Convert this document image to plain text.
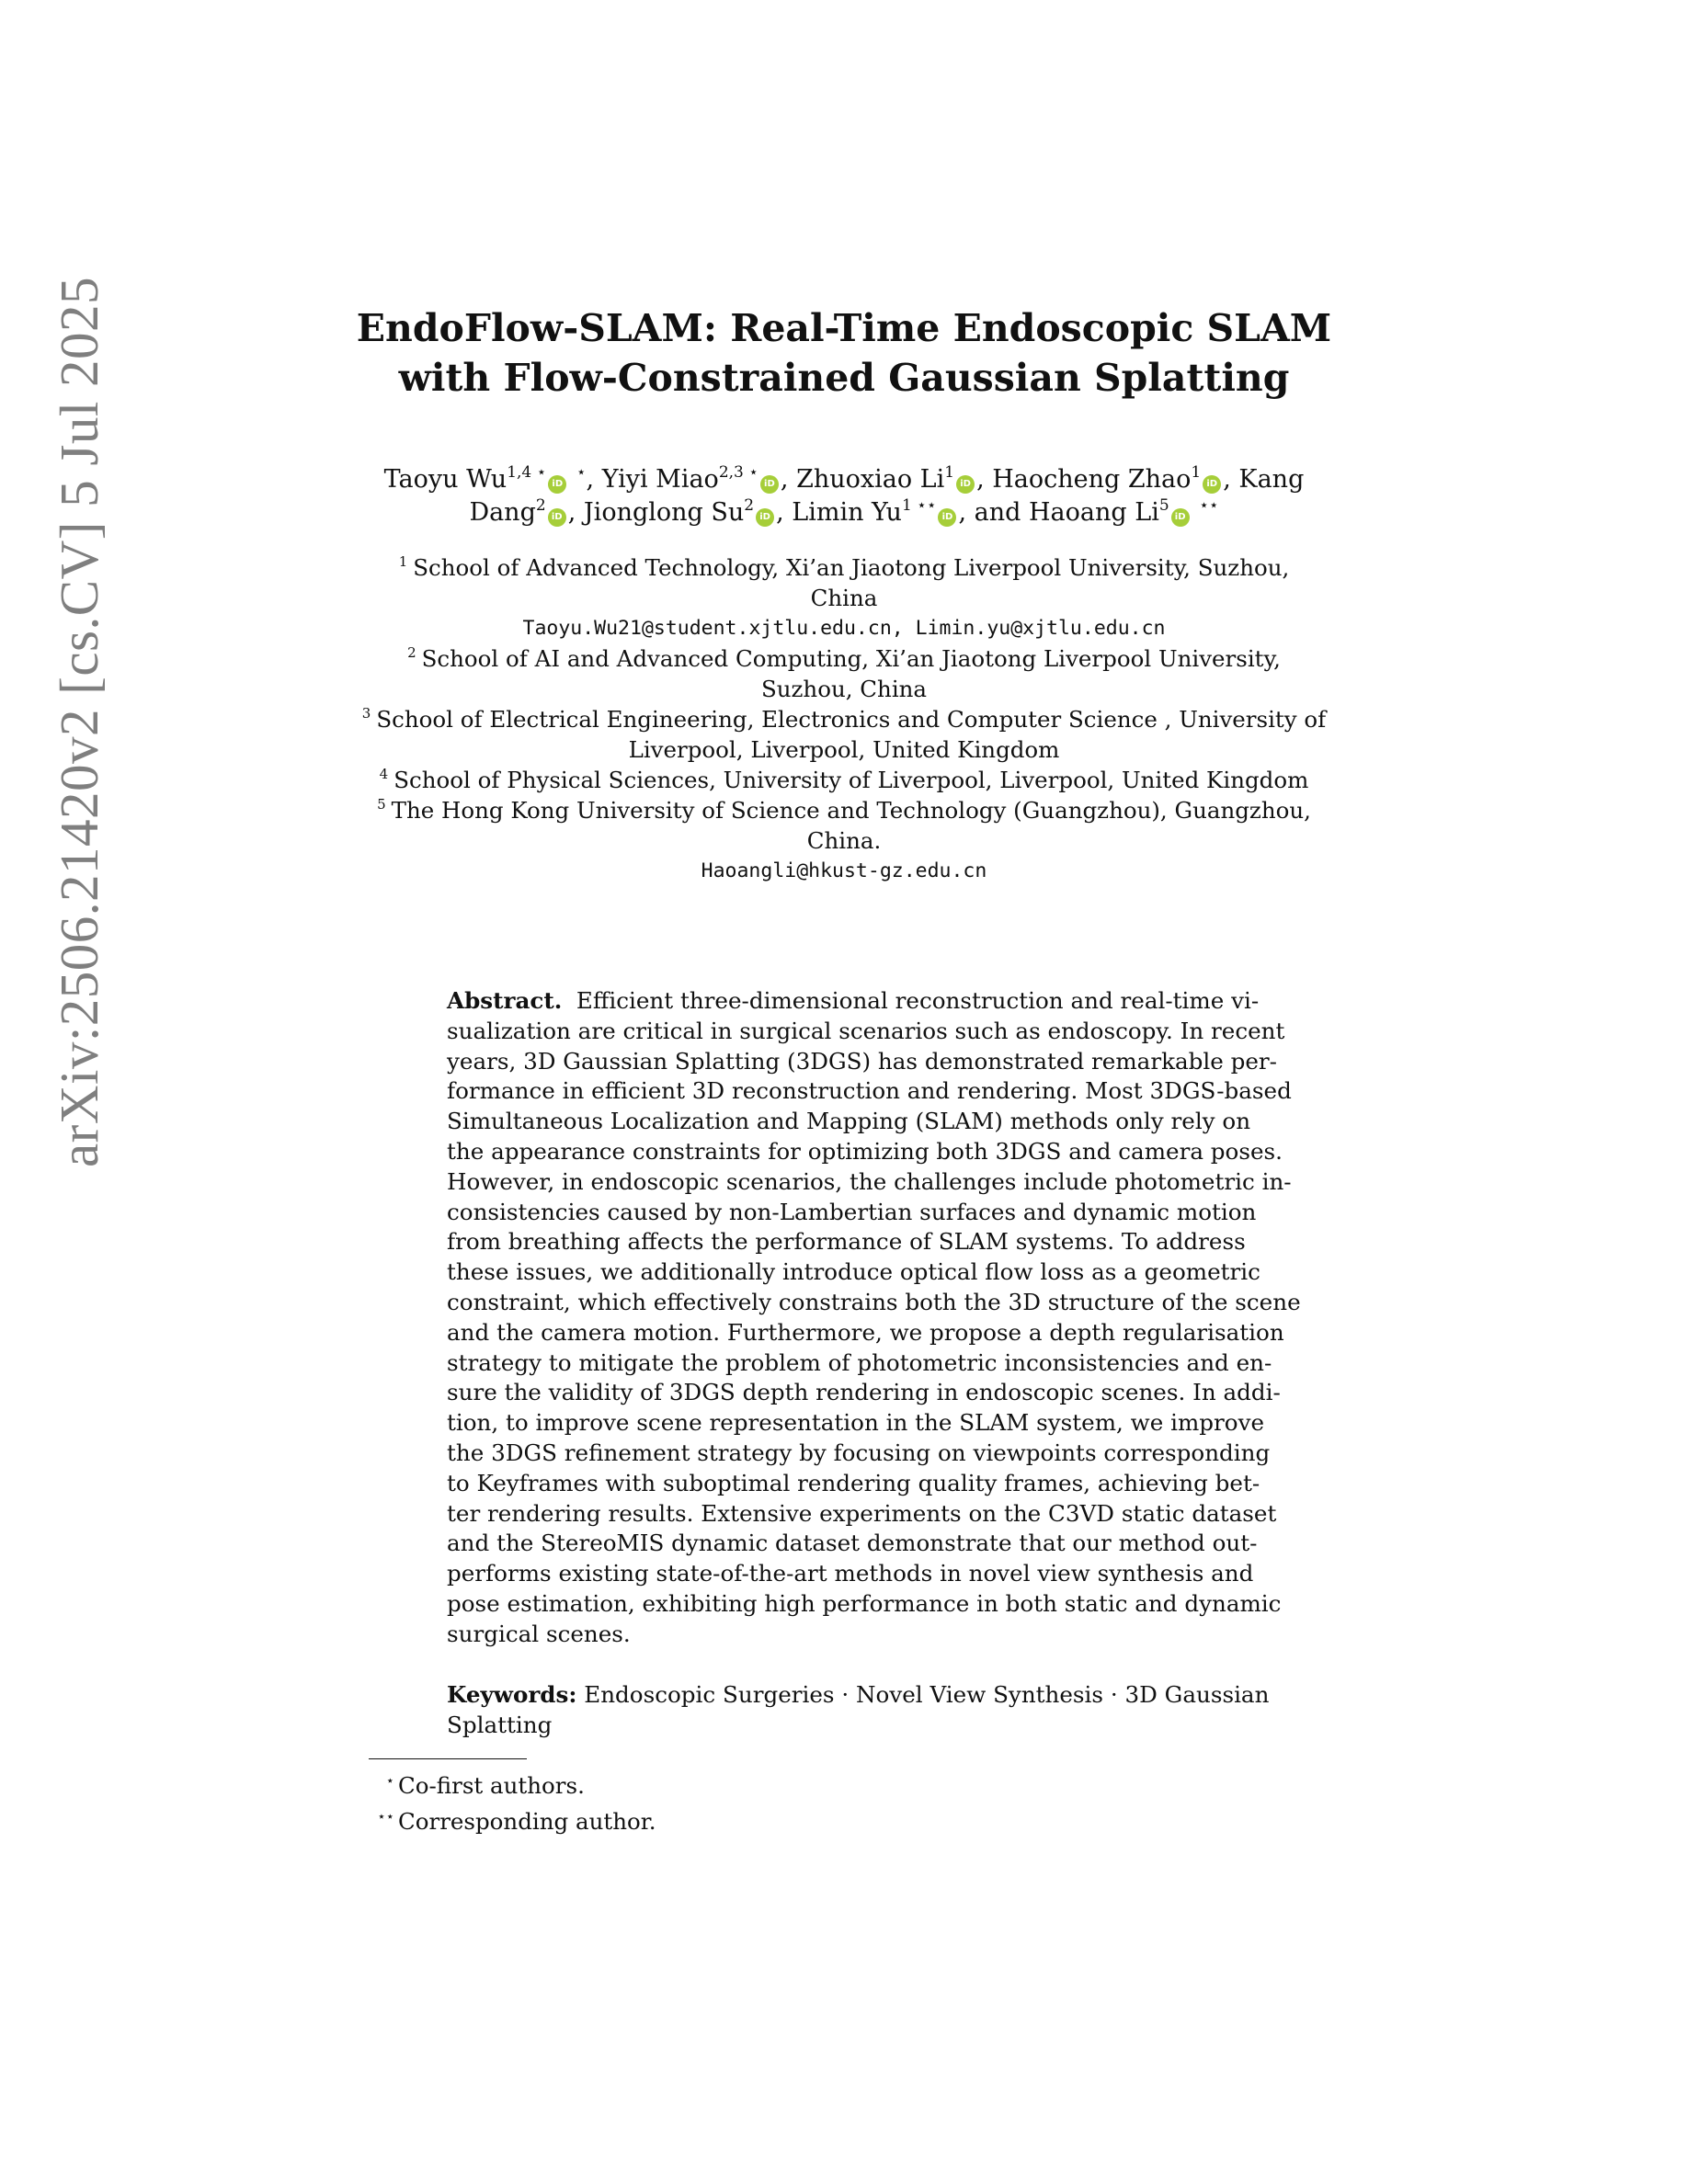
arXiv:2506.21420v2 [cs.CV] 5 Jul 2025	EndoFlow-SLAM: Real-Time Endoscopic SLAM
with Flow-Constrained Gaussian Splatting
Taoyu $Wu^{1,4 ⋆}iD$ ⋆, Yiyi Miao$^{2,3 ⋆}$iD , Zhuoxiao Li$^1$iD , Haocheng Zhao$^1$iD , Kang
Dang$^2$iD , Jionglong Su$^2$iD , Limin $Yu^{1 ⋆⋆}iD$ , and Haoang Li$^5$iD ⋆⋆
$^1$ School of Advanced Technology, Xi’an Jiaotong Liverpool University, Suzhou,
China
Taoyu.Wu21@student.xjtlu.edu.cn, Limin.yu@xjtlu.edu.cn
$^2$ School of AI and Advanced Computing, Xi’an Jiaotong Liverpool University,
Suzhou, China
$^3$ School of Electrical Engineering, Electronics and Computer Science , University of
Liverpool, Liverpool, United Kingdom
$^4$ School of Physical Sciences, University of Liverpool, Liverpool, United Kingdom
$^5$ The Hong Kong University of Science and Technology (Guangzhou), Guangzhou,
China.
Haoangli@hkust-gz.edu.cn
Abstract. Efficient three-dimensional reconstruction and real-time vi-
sualization are critical in surgical scenarios such as endoscopy. In recent
years, 3D Gaussian Splatting (3DGS) has demonstrated remarkable per-
formance in efficient 3D reconstruction and rendering. Most 3DGS-based
Simultaneous Localization and Mapping (SLAM) methods only rely on
the appearance constraints for optimizing both 3DGS and camera poses.
However, in endoscopic scenarios, the challenges include photometric in-
consistencies caused by non-Lambertian surfaces and dynamic motion
from breathing affects the performance of SLAM systems. To address
these issues, we additionally introduce optical flow loss as a geometric
constraint, which effectively constrains both the 3D structure of the scene
and the camera motion. Furthermore, we propose a depth regularisation
strategy to mitigate the problem of photometric inconsistencies and en-
sure the validity of 3DGS depth rendering in endoscopic scenes. In addi-
tion, to improve scene representation in the SLAM system, we improve
the 3DGS refinement strategy by focusing on viewpoints corresponding
to Keyframes with suboptimal rendering quality frames, achieving bet-
ter rendering results. Extensive experiments on the C3VD static dataset
and the StereoMIS dynamic dataset demonstrate that our method out-
performs existing state-of-the-art methods in novel view synthesis and
pose estimation, exhibiting high performance in both static and dynamic
surgical scenes.
Keywords: Endoscopic Surgeries · Novel View Synthesis · 3D Gaussian
Splatting
⋆ Co-first authors.
⋆⋆ Corresponding author.
